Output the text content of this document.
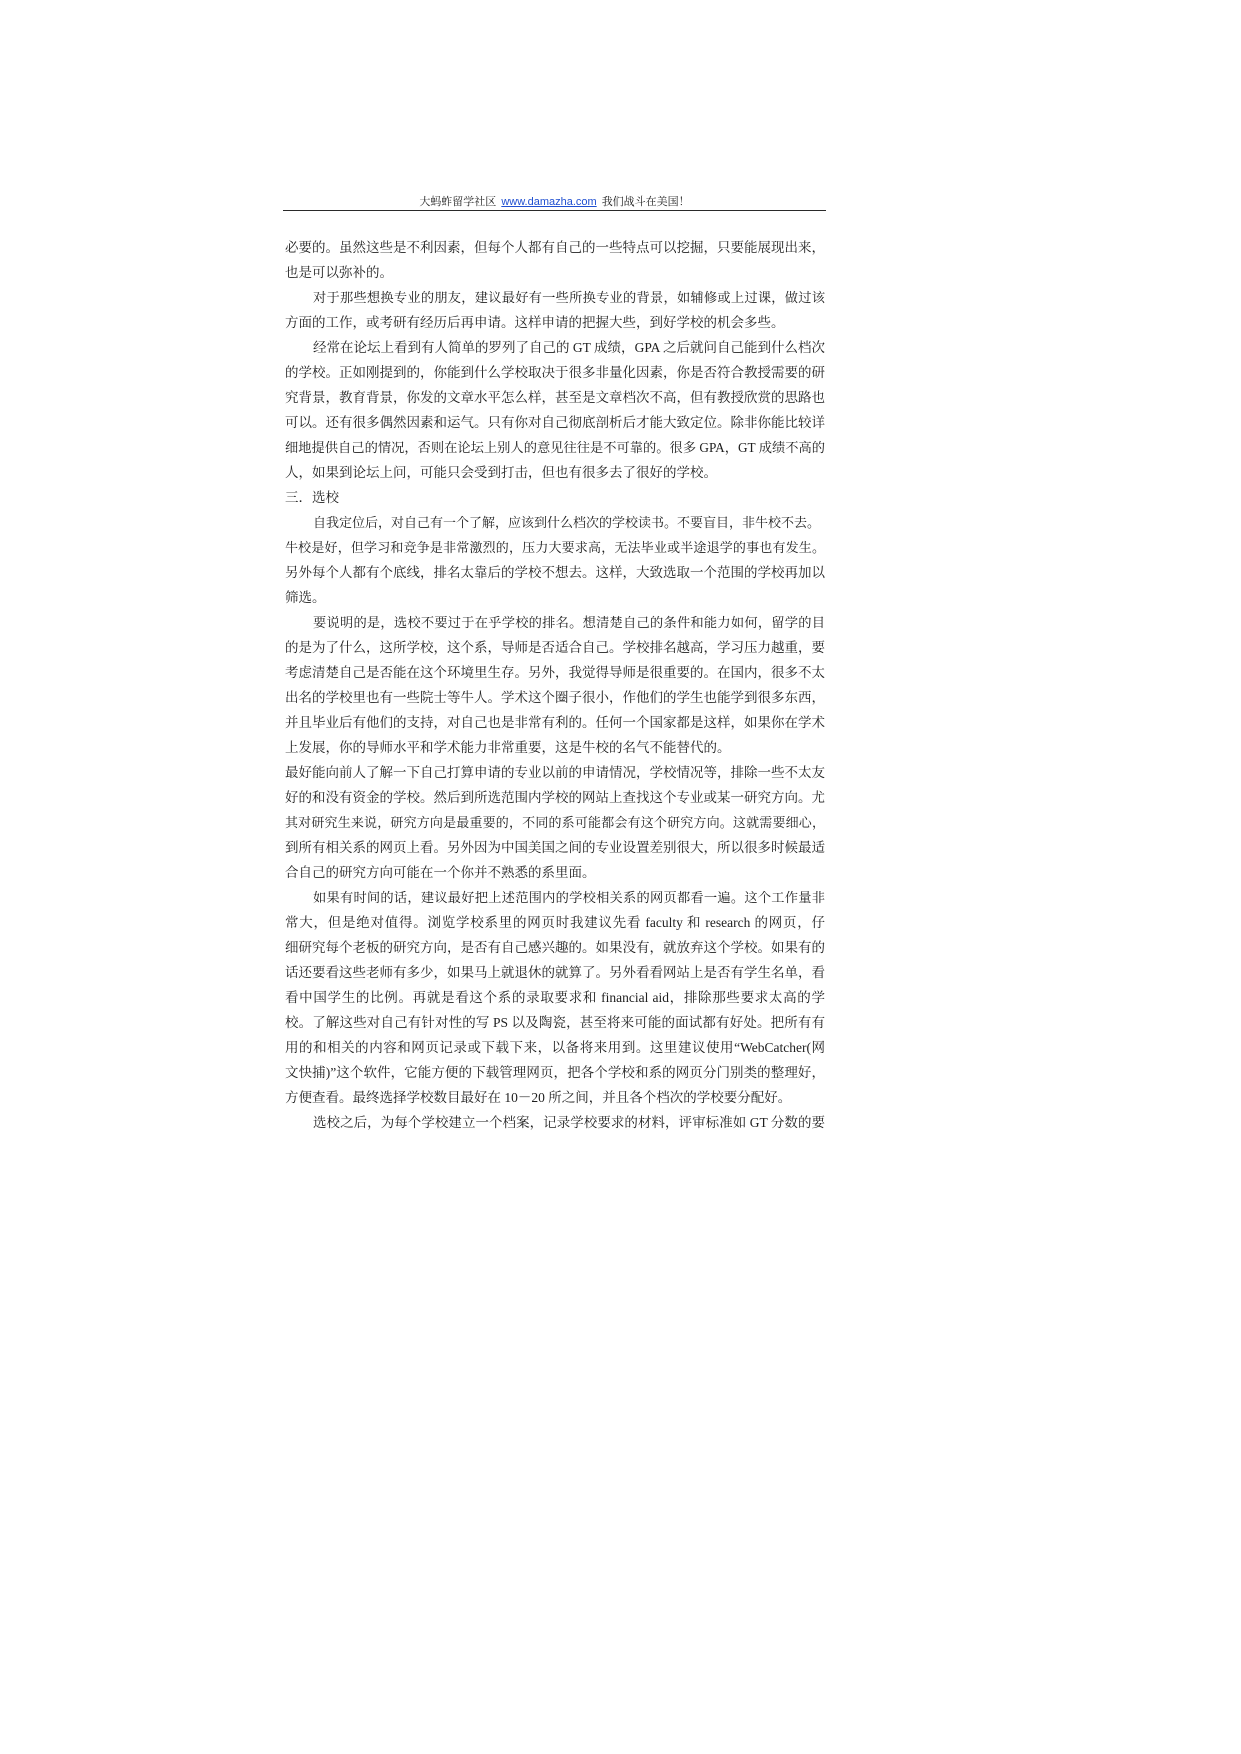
大蚂蚱留学社区 www.damazha.com 我们战斗在美国！
必要的。虽然这些是不利因素，但每个人都有自己的一些特点可以挖掘，只要能展现出来，
也是可以弥补的。
对于那些想换专业的朋友，建议最好有一些所换专业的背景，如辅修或上过课，做过该
方面的工作，或考研有经历后再申请。这样申请的把握大些，到好学校的机会多些。
经常在论坛上看到有人简单的罗列了自己的 GT 成绩，GPA 之后就问自己能到什么档次
的学校。正如刚提到的，你能到什么学校取决于很多非量化因素，你是否符合教授需要的研
究背景，教育背景，你发的文章水平怎么样，甚至是文章档次不高，但有教授欣赏的思路也
可以。还有很多偶然因素和运气。只有你对自己彻底剖析后才能大致定位。除非你能比较详
细地提供自己的情况，否则在论坛上别人的意见往往是不可靠的。很多 GPA，GT 成绩不高的
人，如果到论坛上问，可能只会受到打击，但也有很多去了很好的学校。
三．选校
自我定位后，对自己有一个了解，应该到什么档次的学校读书。不要盲目，非牛校不去。
牛校是好，但学习和竞争是非常激烈的，压力大要求高，无法毕业或半途退学的事也有发生。
另外每个人都有个底线，排名太靠后的学校不想去。这样，大致选取一个范围的学校再加以
筛选。
要说明的是，选校不要过于在乎学校的排名。想清楚自己的条件和能力如何，留学的目
的是为了什么，这所学校，这个系，导师是否适合自己。学校排名越高，学习压力越重，要
考虑清楚自己是否能在这个环境里生存。另外，我觉得导师是很重要的。在国内，很多不太
出名的学校里也有一些院士等牛人。学术这个圈子很小，作他们的学生也能学到很多东西，
并且毕业后有他们的支持，对自己也是非常有利的。任何一个国家都是这样，如果你在学术
上发展，你的导师水平和学术能力非常重要，这是牛校的名气不能替代的。
最好能向前人了解一下自己打算申请的专业以前的申请情况，学校情况等，排除一些不太友
好的和没有资金的学校。然后到所选范围内学校的网站上查找这个专业或某一研究方向。尤
其对研究生来说，研究方向是最重要的，不同的系可能都会有这个研究方向。这就需要细心，
到所有相关系的网页上看。另外因为中国美国之间的专业设置差别很大，所以很多时候最适
合自己的研究方向可能在一个你并不熟悉的系里面。
如果有时间的话，建议最好把上述范围内的学校相关系的网页都看一遍。这个工作量非
常大，但是绝对值得。浏览学校系里的网页时我建议先看 faculty 和 research 的网页，仔
细研究每个老板的研究方向，是否有自己感兴趣的。如果没有，就放弃这个学校。如果有的
话还要看这些老师有多少，如果马上就退休的就算了。另外看看网站上是否有学生名单，看
看中国学生的比例。再就是看这个系的录取要求和 financial aid，排除那些要求太高的学
校。了解这些对自己有针对性的写 PS 以及陶瓷，甚至将来可能的面试都有好处。把所有有
用的和相关的内容和网页记录或下载下来，以备将来用到。这里建议使用“WebCatcher(网
文快捕)”这个软件，它能方便的下载管理网页，把各个学校和系的网页分门别类的整理好，
方便查看。最终选择学校数目最好在 10－20 所之间，并且各个档次的学校要分配好。
选校之后，为每个学校建立一个档案，记录学校要求的材料，评审标准如 GT 分数的要
